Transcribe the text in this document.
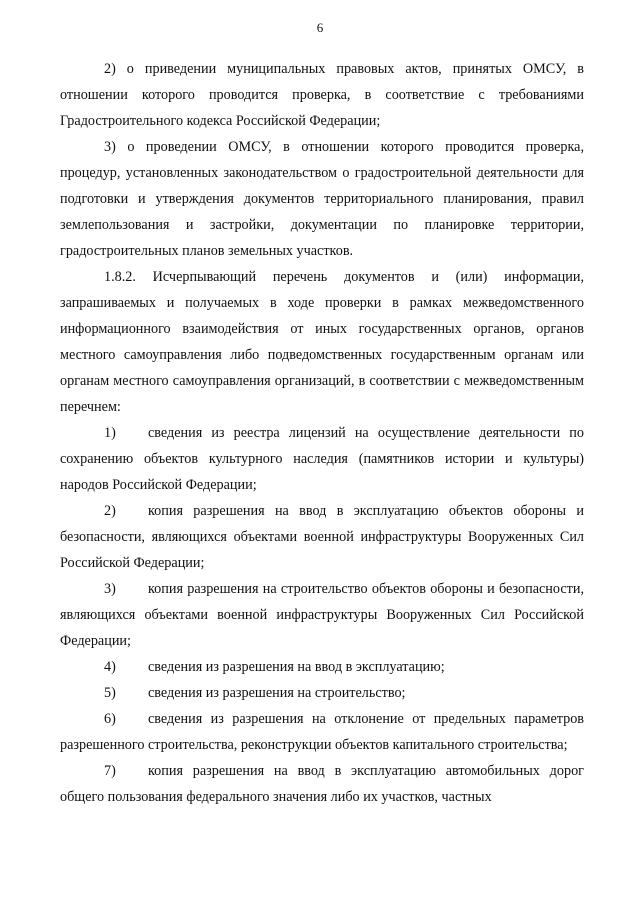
6

2) о приведении муниципальных правовых актов, принятых ОМСУ, в отношении которого проводится проверка, в соответствие с требованиями Градостроительного кодекса Российской Федерации;

3) о проведении ОМСУ, в отношении которого проводится проверка, процедур, установленных законодательством о градостроительной деятельности для подготовки и утверждения документов территориального планирования, правил землепользования и застройки, документации по планировке территории, градостроительных планов земельных участков.

1.8.2. Исчерпывающий перечень документов и (или) информации, запрашиваемых и получаемых в ходе проверки в рамках межведомственного информационного взаимодействия от иных государственных органов, органов местного самоуправления либо подведомственных государственным органам или органам местного самоуправления организаций, в соответствии с межведомственным перечнем:

1) сведения из реестра лицензий на осуществление деятельности по сохранению объектов культурного наследия (памятников истории и культуры) народов Российской Федерации;
2) копия разрешения на ввод в эксплуатацию объектов обороны и безопасности, являющихся объектами военной инфраструктуры Вооруженных Сил Российской Федерации;
3) копия разрешения на строительство объектов обороны и безопасности, являющихся объектами военной инфраструктуры Вооруженных Сил Российской Федерации;
4) сведения из разрешения на ввод в эксплуатацию;
5) сведения из разрешения на строительство;
6) сведения из разрешения на отклонение от предельных параметров разрешенного строительства, реконструкции объектов капитального строительства;
7) копия разрешения на ввод в эксплуатацию автомобильных дорог общего пользования федерального значения либо их участков, частных
